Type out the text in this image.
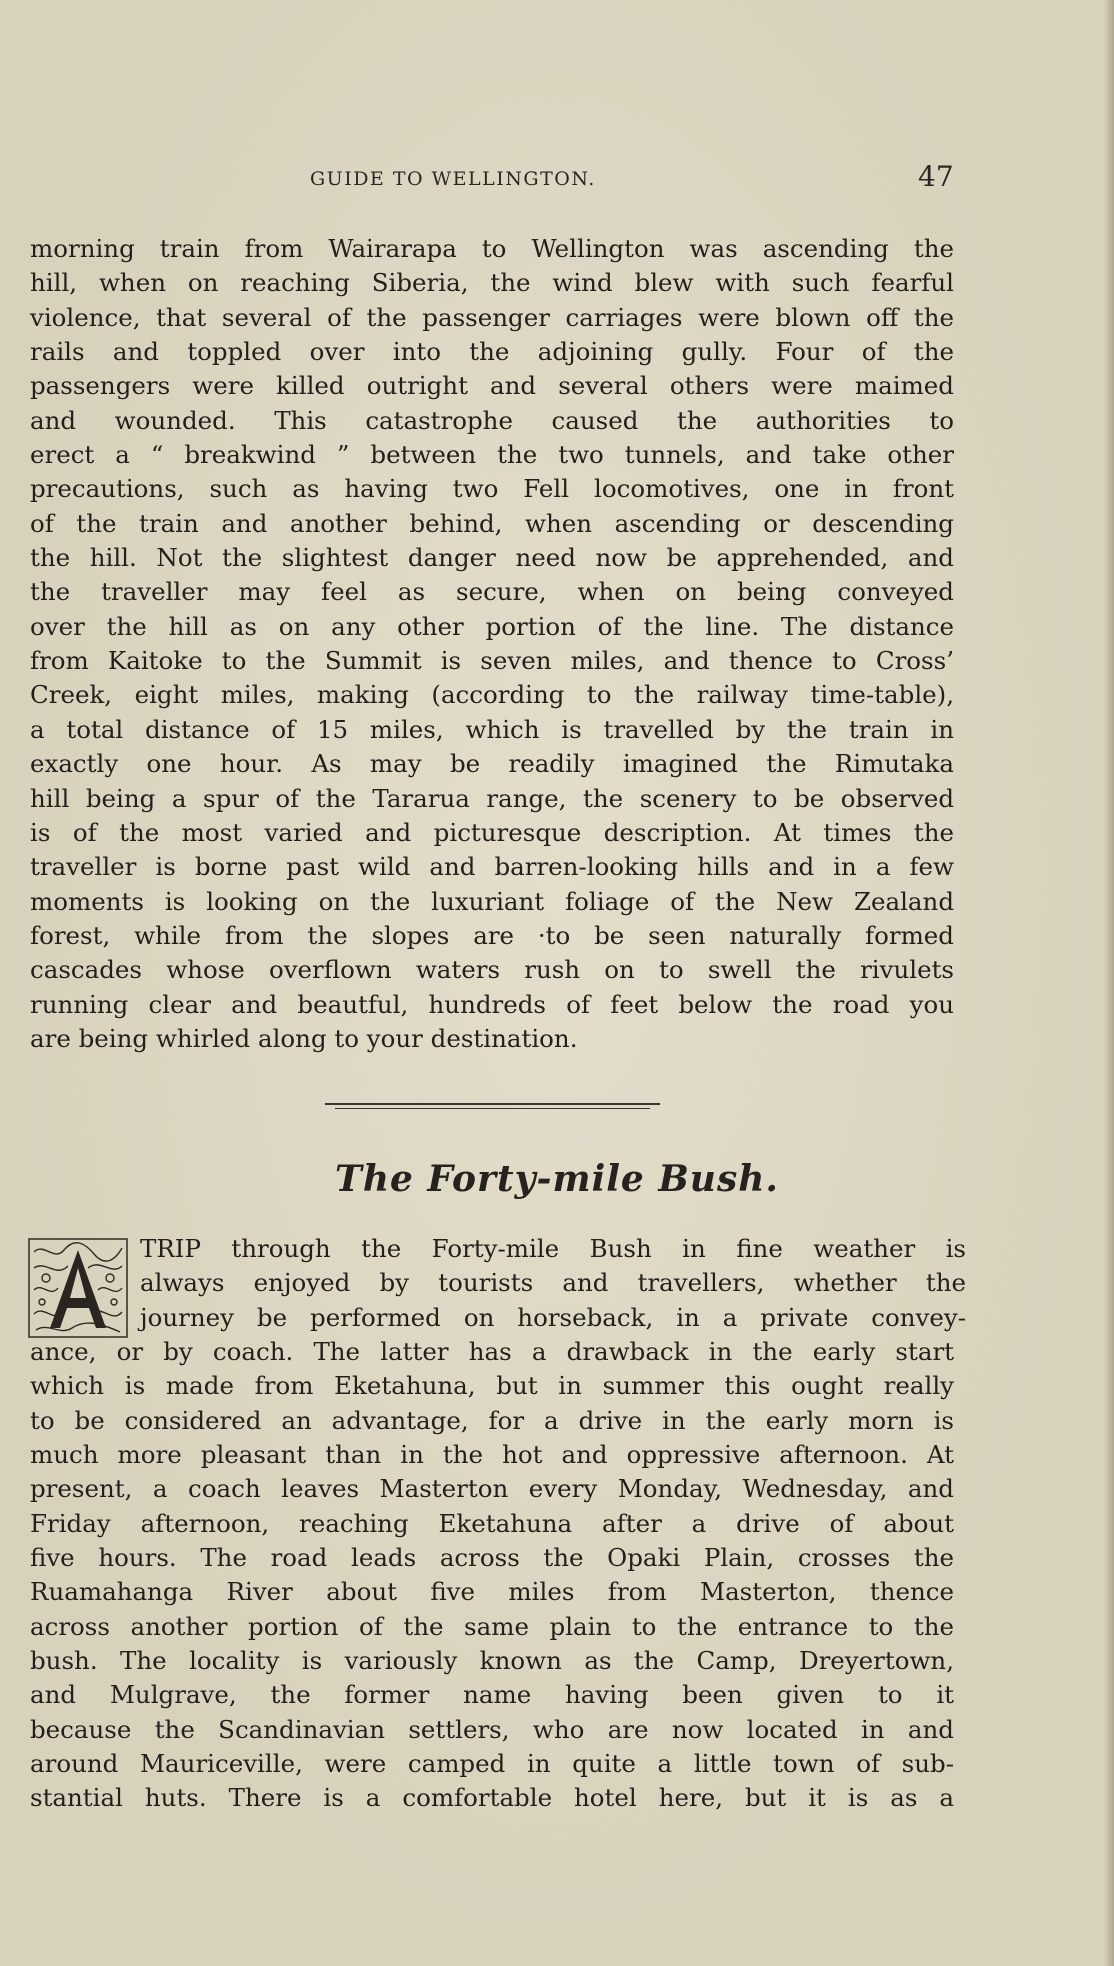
GUIDE TO WELLINGTON.	47
morning train from Wairarapa to Wellington was ascending the
hill, when on reaching Siberia, the wind blew with such fearful
violence, that several of the passenger carriages were blown off the
rails and toppled over into the adjoining gully. Four of the
passengers were killed outright and several others were maimed
and wounded. This catastrophe caused the authorities to
erect a “ breakwind ” between the two tunnels, and take other
precautions, such as having two Fell locomotives, one in front
of the train and another behind, when ascending or descending
the hill. Not the slightest danger need now be apprehended, and
the traveller may feel as secure, when on being conveyed
over the hill as on any other portion of the line. The distance
from Kaitoke to the Summit is seven miles, and thence to Cross’
Creek, eight miles, making (according to the railway time-table),
a total distance of 15 miles, which is travelled by the train in
exactly one hour. As may be readily imagined the Rimutaka
hill being a spur of the Tararua range, the scenery to be observed
is of the most varied and picturesque description. At times the
traveller is borne past wild and barren-looking hills and in a few
moments is looking on the luxuriant foliage of the New Zealand
forest, while from the slopes are ·to be seen naturally formed
cascades whose overflown waters rush on to swell the rivulets
running clear and beautful, hundreds of feet below the road you
are being whirled along to your destination.
The Forty-mile Bush.
TRIP through the Forty-mile Bush in fine weather is
always enjoyed by tourists and travellers, whether the
journey be performed on horseback, in a private convey-
ance, or by coach. The latter has a drawback in the early start
which is made from Eketahuna, but in summer this ought really
to be considered an advantage, for a drive in the early morn is
much more pleasant than in the hot and oppressive afternoon. At
present, a coach leaves Masterton every Monday, Wednesday, and
Friday afternoon, reaching Eketahuna after a drive of about
five hours. The road leads across the Opaki Plain, crosses the
Ruamahanga River about five miles from Masterton, thence
across another portion of the same plain to the entrance to the
bush. The locality is variously known as the Camp, Dreyertown,
and Mulgrave, the former name having been given to it
because the Scandinavian settlers, who are now located in and
around Mauriceville, were camped in quite a little town of sub-
stantial huts. There is a comfortable hotel here, but it is as a
